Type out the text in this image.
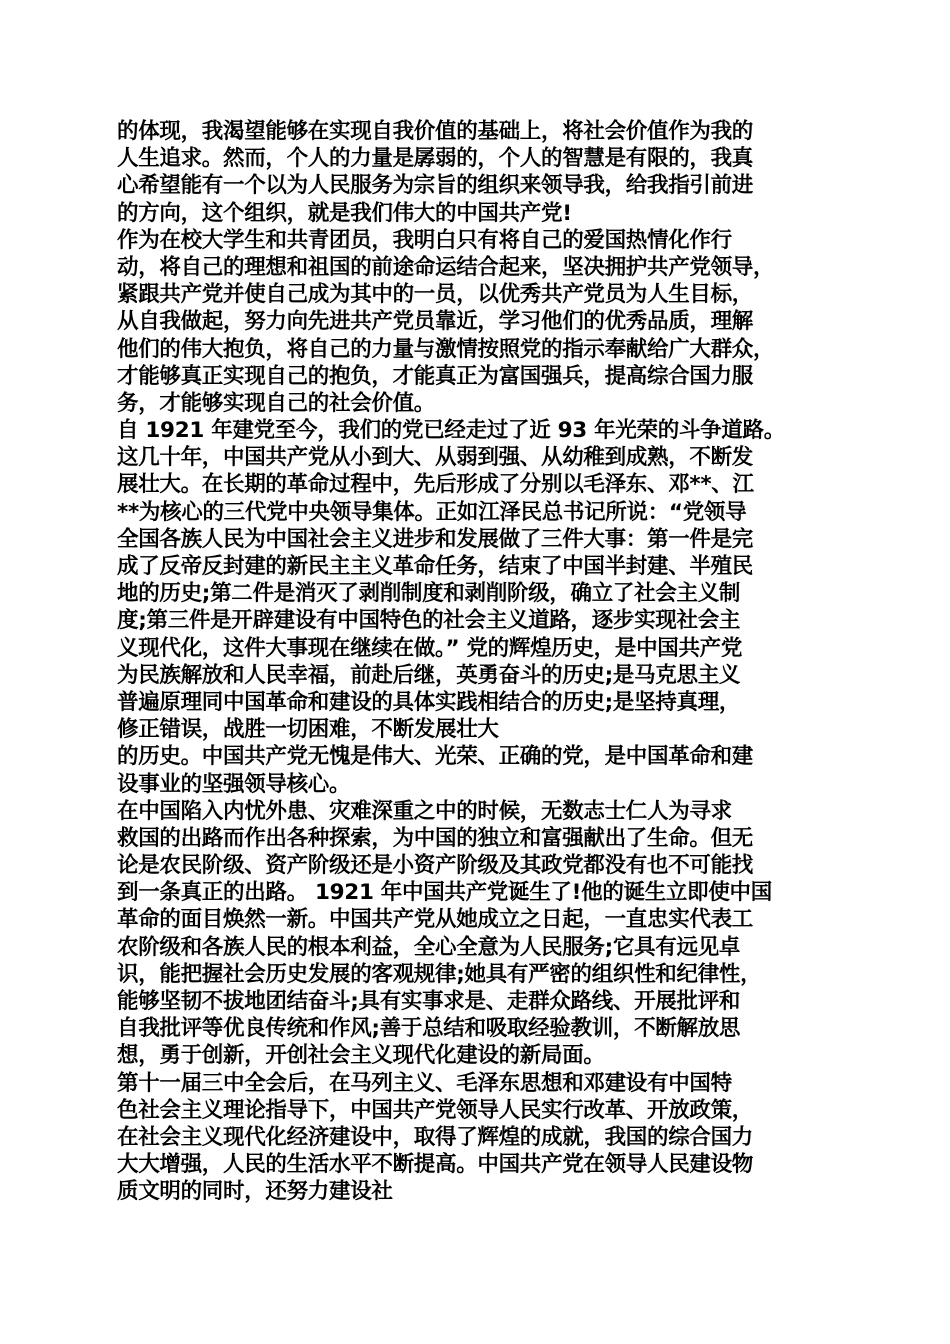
的体现，我渴望能够在实现自我价值的基础上，将社会价值作为我的
人生追求。然而，个人的力量是孱弱的，个人的智慧是有限的，我真
心希望能有一个以为人民服务为宗旨的组织来领导我，给我指引前进
的方向，这个组织，就是我们伟大的中国共产党!
作为在校大学生和共青团员，我明白只有将自己的爱国热情化作行
动，将自己的理想和祖国的前途命运结合起来，坚决拥护共产党领导，
紧跟共产党并使自己成为其中的一员，以优秀共产党员为人生目标，
从自我做起，努力向先进共产党员靠近，学习他们的优秀品质，理解
他们的伟大抱负，将自己的力量与激情按照党的指示奉献给广大群众，
才能够真正实现自己的抱负，才能真正为富国强兵，提高综合国力服
务，才能够实现自己的社会价值。
自 1921 年建党至今，我们的党已经走过了近 93 年光荣的斗争道路。
这几十年，中国共产党从小到大、从弱到强、从幼稚到成熟，不断发
展壮大。在长期的革命过程中，先后形成了分别以毛泽东、邓**、江
**为核心的三代党中央领导集体。正如江泽民总书记所说：“党领导
全国各族人民为中国社会主义进步和发展做了三件大事：第一件是完
成了反帝反封建的新民主主义革命任务，结束了中国半封建、半殖民
地的历史;第二件是消灭了剥削制度和剥削阶级，确立了社会主义制
度;第三件是开辟建设有中国特色的社会主义道路，逐步实现社会主
义现代化，这件大事现在继续在做。” 党的辉煌历史，是中国共产党
为民族解放和人民幸福，前赴后继，英勇奋斗的历史;是马克思主义
普遍原理同中国革命和建设的具体实践相结合的历史;是坚持真理，
修正错误，战胜一切困难，不断发展壮大
的历史。中国共产党无愧是伟大、光荣、正确的党，是中国革命和建
设事业的坚强领导核心。
在中国陷入内忧外患、灾难深重之中的时候，无数志士仁人为寻求
救国的出路而作出各种探索，为中国的独立和富强献出了生命。但无
论是农民阶级、资产阶级还是小资产阶级及其政党都没有也不可能找
到一条真正的出路。 1921 年中国共产党诞生了!他的诞生立即使中国
革命的面目焕然一新。中国共产党从她成立之日起，一直忠实代表工
农阶级和各族人民的根本利益，全心全意为人民服务;它具有远见卓
识，能把握社会历史发展的客观规律;她具有严密的组织性和纪律性，
能够坚韧不拔地团结奋斗;具有实事求是、走群众路线、开展批评和
自我批评等优良传统和作风;善于总结和吸取经验教训，不断解放思
想，勇于创新，开创社会主义现代化建设的新局面。
第十一届三中全会后，在马列主义、毛泽东思想和邓建设有中国特
色社会主义理论指导下，中国共产党领导人民实行改革、开放政策，
在社会主义现代化经济建设中，取得了辉煌的成就，我国的综合国力
大大增强，人民的生活水平不断提高。中国共产党在领导人民建设物
质文明的同时，还努力建设社
